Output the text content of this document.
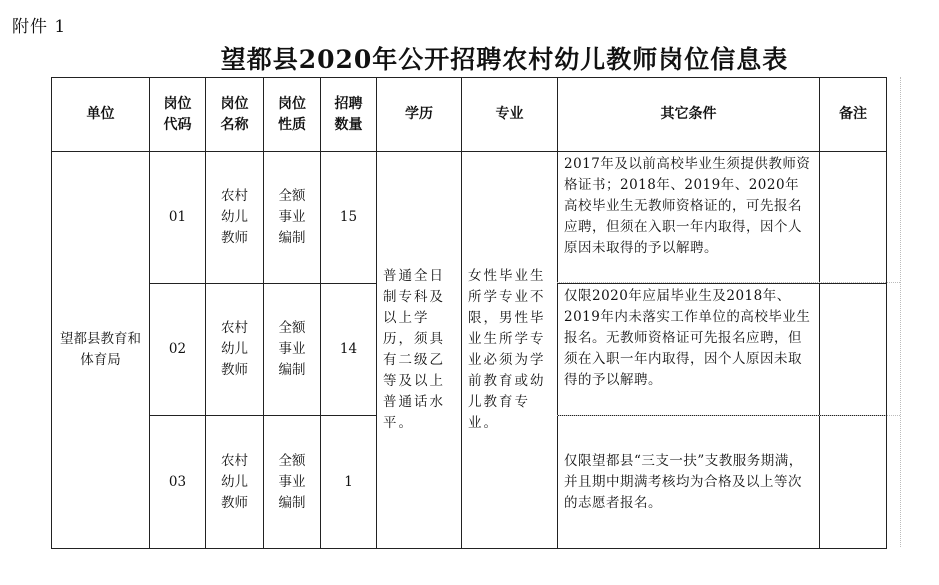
附件 1
望都县2020年公开招聘农村幼儿教师岗位信息表
单位	岗位代码	岗位名称	岗位性质	招聘数量	学历	专业	其它条件	备注
望都县教育和体育局	01	农村幼儿教师	全额事业编制	15	普通全日制专科及以上学历，须具有二级乙等及以上普通话水平。	女性毕业生所学专业不限，男性毕业生所学专业必须为学前教育或幼儿教育专业。	2017年及以前高校毕业生须提供教师资格证书；2018年、2019年、2020年高校毕业生无教师资格证的，可先报名应聘，但须在入职一年内取得，因个人原因未取得的予以解聘。	
	02	农村幼儿教师	全额事业编制	14			仅限2020年应届毕业生及2018年、2019年内未落实工作单位的高校毕业生报名。无教师资格证可先报名应聘，但须在入职一年内取得，因个人原因未取得的予以解聘。	
	03	农村幼儿教师	全额事业编制	1			仅限望都县“三支一扶”支教服务期满，并且期中期满考核均为合格及以上等次的志愿者报名。	
